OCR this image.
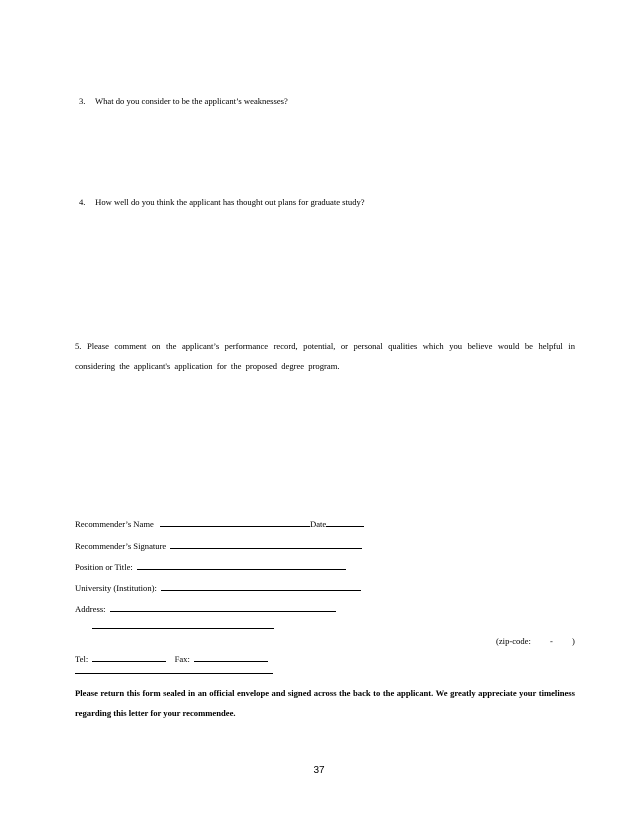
3. What do you consider to be the applicant’s weaknesses?
4. How well do you think the applicant has thought out plans for graduate study?
5. Please comment on the applicant’s performance record, potential, or personal qualities which you believe would be helpful in considering the applicant's application for the proposed degree program.
Recommender’s Name	Date
Recommender’s Signature
Position or Title:
University (Institution):
Address:
(zip-code: - )
Tel:	Fax:
Please return this form sealed in an official envelope and signed across the back to the applicant. We greatly appreciate your timeliness regarding this letter for your recommendee.
37
